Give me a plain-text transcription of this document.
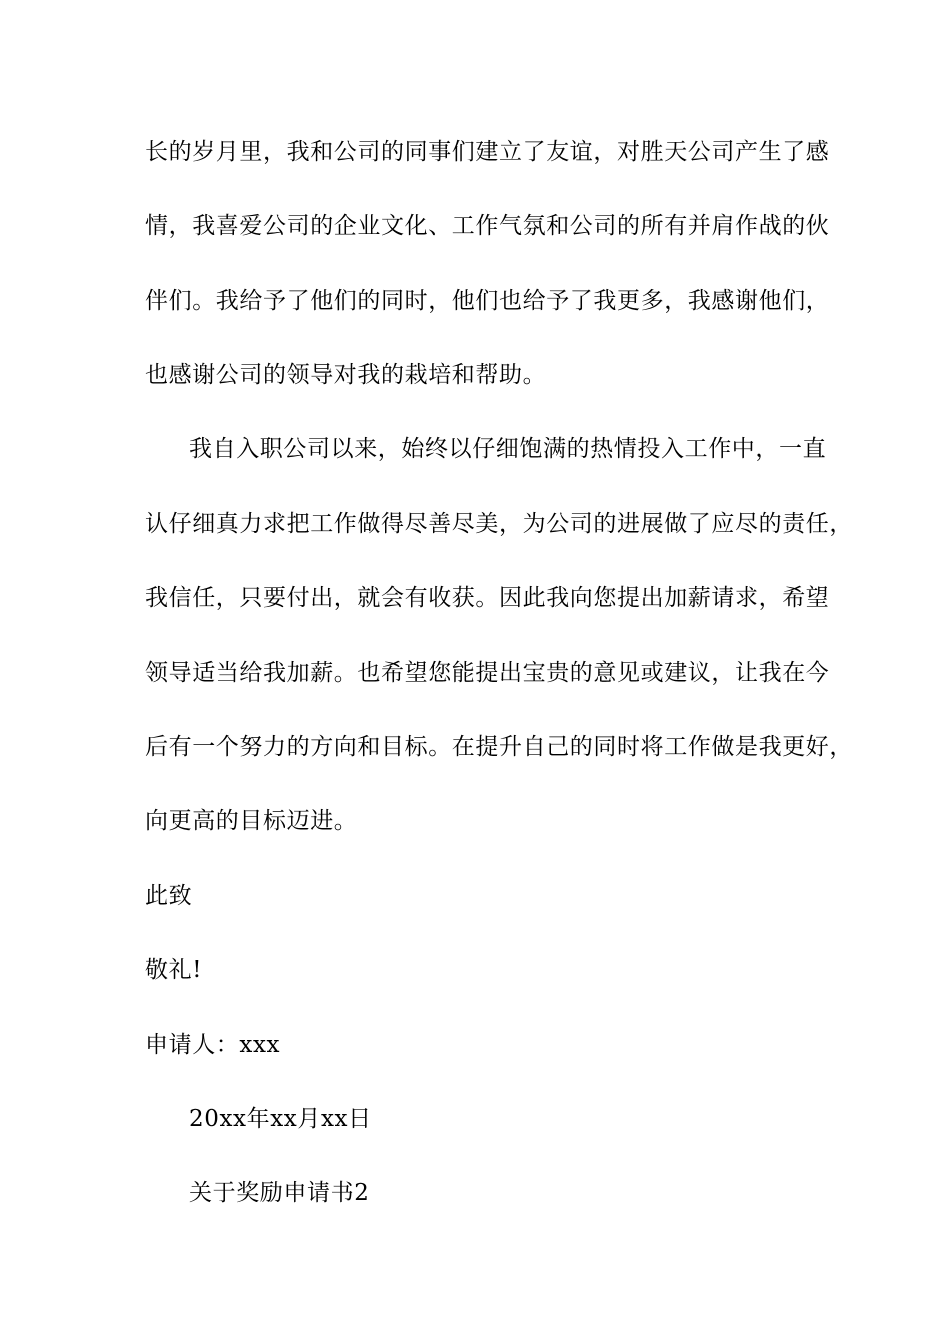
长的岁月里，我和公司的同事们建立了友谊，对胜天公司产生了感
情，我喜爱公司的企业文化、工作气氛和公司的所有并肩作战的伙
伴们。我给予了他们的同时，他们也给予了我更多，我感谢他们，
也感谢公司的领导对我的栽培和帮助。
我自入职公司以来，始终以仔细饱满的热情投入工作中，一直
认仔细真力求把工作做得尽善尽美，为公司的进展做了应尽的责任，
我信任，只要付出，就会有收获。因此我向您提出加薪请求，希望
领导适当给我加薪。也希望您能提出宝贵的意见或建议，让我在今
后有一个努力的方向和目标。在提升自己的同时将工作做是我更好，
向更高的目标迈进。
此致
敬礼!
申请人：xxx
20xx年xx月xx日
关于奖励申请书2
